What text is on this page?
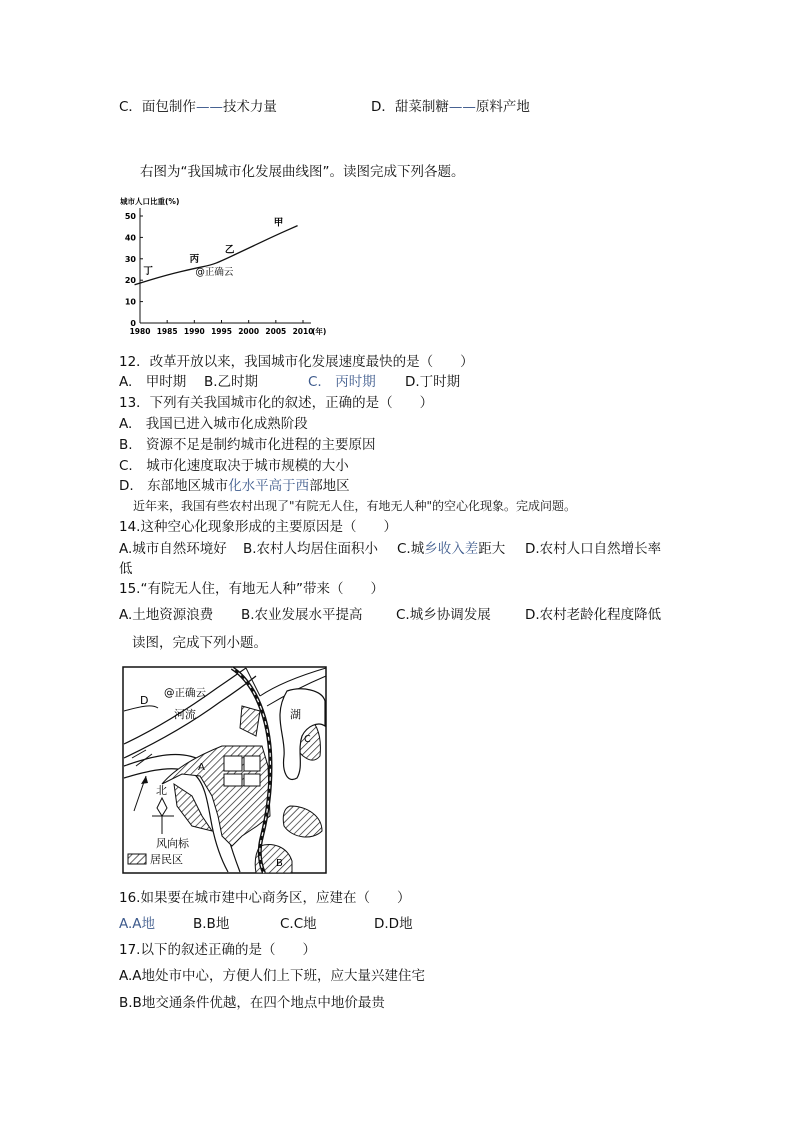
C．面包制作——技术力量	D．甜菜制糖——原料产地
右图为“我国城市化发展曲线图”。读图完成下列各题。
城市人口比重(%)
0
10
20
30
40
50
1980 1985 1990 1995 2000 2005 2010
(年)
丁
丙
乙
甲
@正确云
12．改革开放以来，我国城市化发展速度最快的是（　　）
A.　甲时期 B.乙时期	C.　丙时期 D.丁时期
13．下列有关我国城市化的叙述，正确的是（　　）
A.　我国已进入城市化成熟阶段
B.　资源不足是制约城市化进程的主要原因
C.　城市化速度取决于城市规模的大小
D.　东部地区城市化水平高于西部地区
近年来，我国有些农村出现了"有院无人住，有地无人种"的空心化现象。完成问题。
14.这种空心化现象形成的主要原因是（　　）
A.城市自然环境好 B.农村人均居住面积小 C.城乡收入差距大 D.农村人口自然增长率
低
15.“有院无人住，有地无人种”带来（　　）
A.土地资源浪费 B.农业发展水平提高 C.城乡协调发展	D.农村老龄化程度降低
读图，完成下列小题。
D
@正确云
河流	湖
C
A
B
北
风向标
居民区
16.如果要在城市建中心商务区，应建在（　　）
A.A地	B.B地	C.C地	D.D地
17.以下的叙述正确的是（　　）
A.A地处市中心，方便人们上下班，应大量兴建住宅
B.B地交通条件优越，在四个地点中地价最贵
